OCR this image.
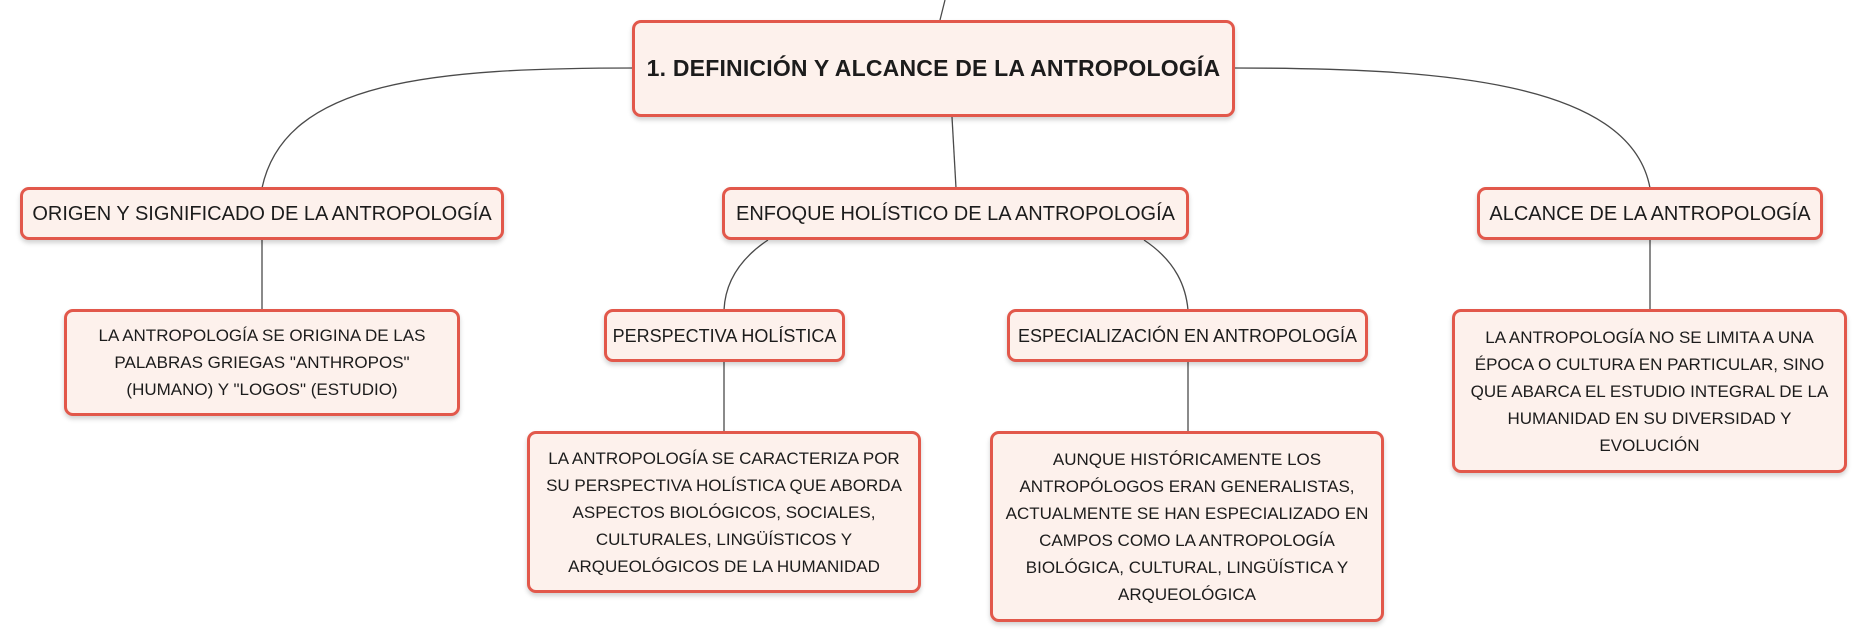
1. DEFINICIÓN Y ALCANCE DE LA ANTROPOLOGÍA
ORIGEN Y SIGNIFICADO DE LA ANTROPOLOGÍA	ENFOQUE HOLÍSTICO DE LA ANTROPOLOGÍA	ALCANCE DE LA ANTROPOLOGÍA
LA ANTROPOLOGÍA SE ORIGINA DE LAS PALABRAS GRIEGAS "ANTHROPOS" (HUMANO) Y "LOGOS" (ESTUDIO)
PERSPECTIVA HOLÍSTICA	ESPECIALIZACIÓN EN ANTROPOLOGÍA	LA ANTROPOLOGÍA NO SE LIMITA A UNA ÉPOCA O CULTURA EN PARTICULAR, SINO QUE ABARCA EL ESTUDIO INTEGRAL DE LA HUMANIDAD EN SU DIVERSIDAD Y EVOLUCIÓN
LA ANTROPOLOGÍA SE CARACTERIZA POR SU PERSPECTIVA HOLÍSTICA QUE ABORDA ASPECTOS BIOLÓGICOS, SOCIALES, CULTURALES, LINGÜÍSTICOS Y ARQUEOLÓGICOS DE LA HUMANIDAD
AUNQUE HISTÓRICAMENTE LOS ANTROPÓLOGOS ERAN GENERALISTAS, ACTUALMENTE SE HAN ESPECIALIZADO EN CAMPOS COMO LA ANTROPOLOGÍA BIOLÓGICA, CULTURAL, LINGÜÍSTICA Y ARQUEOLÓGICA
